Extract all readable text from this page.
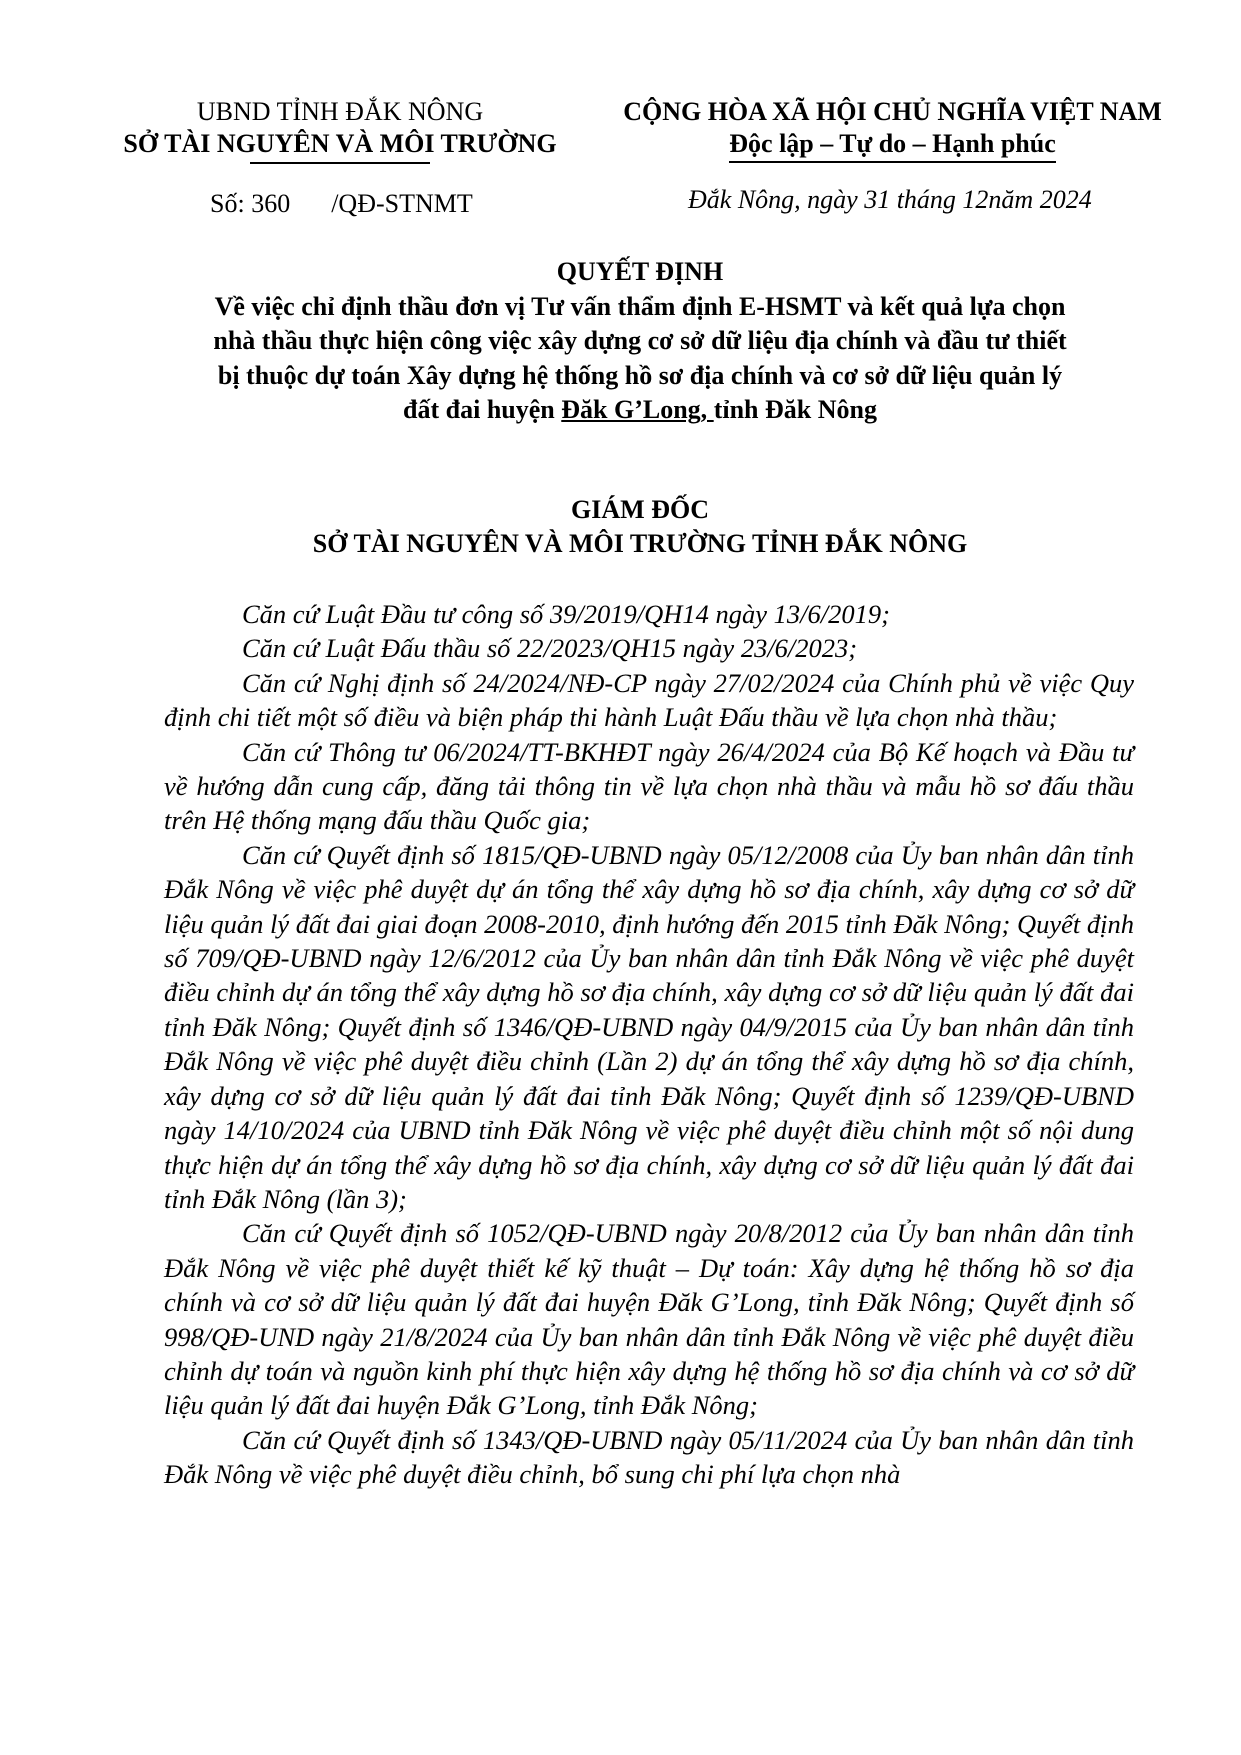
UBND TỈNH ĐẮK NÔNG
SỞ TÀI NGUYÊN VÀ MÔI TRƯỜNG
CỘNG HÒA XÃ HỘI CHỦ NGHĨA VIỆT NAM
Độc lập – Tự do – Hạnh phúc
Số: 360 /QĐ-STNMT	Đắk Nông, ngày 31 tháng 12năm 2024
QUYẾT ĐỊNH
Về việc chỉ định thầu đơn vị Tư vấn thẩm định E-HSMT và kết quả lựa chọn
nhà thầu thực hiện công việc xây dựng cơ sở dữ liệu địa chính và đầu tư thiết
bị thuộc dự toán Xây dựng hệ thống hồ sơ địa chính và cơ sở dữ liệu quản lý
đất đai huyện Đăk G’Long, tỉnh Đăk Nông
GIÁM ĐỐC
SỞ TÀI NGUYÊN VÀ MÔI TRƯỜNG TỈNH ĐẮK NÔNG

Căn cứ Luật Đầu tư công số 39/2019/QH14 ngày 13/6/2019;

Căn cứ Luật Đấu thầu số 22/2023/QH15 ngày 23/6/2023;

Căn cứ Nghị định số 24/2024/NĐ-CP ngày 27/02/2024 của Chính phủ về việc Quy định chi tiết một số điều và biện pháp thi hành Luật Đấu thầu về lựa chọn nhà thầu;

Căn cứ Thông tư 06/2024/TT-BKHĐT ngày 26/4/2024 của Bộ Kế hoạch và Đầu tư về hướng dẫn cung cấp, đăng tải thông tin về lựa chọn nhà thầu và mẫu hồ sơ đấu thầu trên Hệ thống mạng đấu thầu Quốc gia;

Căn cứ Quyết định số 1815/QĐ-UBND ngày 05/12/2008 của Ủy ban nhân dân tỉnh Đắk Nông về việc phê duyệt dự án tổng thể xây dựng hồ sơ địa chính, xây dựng cơ sở dữ liệu quản lý đất đai giai đoạn 2008-2010, định hướng đến 2015 tỉnh Đăk Nông; Quyết định số 709/QĐ-UBND ngày 12/6/2012 của Ủy ban nhân dân tỉnh Đắk Nông về việc phê duyệt điều chỉnh dự án tổng thể xây dựng hồ sơ địa chính, xây dựng cơ sở dữ liệu quản lý đất đai tỉnh Đăk Nông; Quyết định số 1346/QĐ-UBND ngày 04/9/2015 của Ủy ban nhân dân tỉnh Đắk Nông về việc phê duyệt điều chỉnh (Lần 2) dự án tổng thể xây dựng hồ sơ địa chính, xây dựng cơ sở dữ liệu quản lý đất đai tỉnh Đăk Nông; Quyết định số 1239/QĐ-UBND ngày 14/10/2024 của UBND tỉnh Đăk Nông về việc phê duyệt điều chỉnh một số nội dung thực hiện dự án tổng thể xây dựng hồ sơ địa chính, xây dựng cơ sở dữ liệu quản lý đất đai tỉnh Đắk Nông (lần 3);

Căn cứ Quyết định số 1052/QĐ-UBND ngày 20/8/2012 của Ủy ban nhân dân tỉnh Đắk Nông về việc phê duyệt thiết kế kỹ thuật – Dự toán: Xây dựng hệ thống hồ sơ địa chính và cơ sở dữ liệu quản lý đất đai huyện Đăk G’Long, tỉnh Đăk Nông; Quyết định số 998/QĐ-UND ngày 21/8/2024 của Ủy ban nhân dân tỉnh Đắk Nông về việc phê duyệt điều chỉnh dự toán và nguồn kinh phí thực hiện xây dựng hệ thống hồ sơ địa chính và cơ sở dữ liệu quản lý đất đai huyện Đắk G’Long, tỉnh Đắk Nông;

Căn cứ Quyết định số 1343/QĐ-UBND ngày 05/11/2024 của Ủy ban nhân dân tỉnh Đắk Nông về việc phê duyệt điều chỉnh, bổ sung chi phí lựa chọn nhà
